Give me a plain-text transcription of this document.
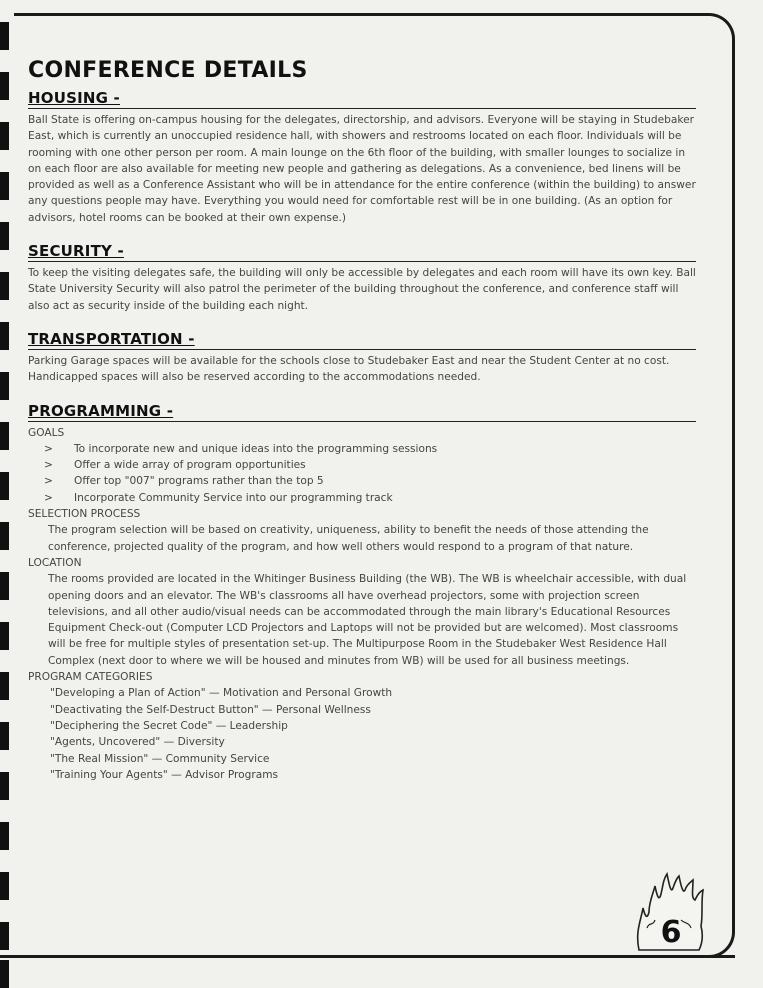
CONFERENCE DETAILS
HOUSING -

Ball State is offering on-campus housing for the delegates, directorship, and advisors. Everyone will be staying in Studebaker East, which is currently an unoccupied residence hall, with showers and restrooms located on each floor. Individuals will be rooming with one other person per room. A main lounge on the 6th floor of the building, with smaller lounges to socialize in on each floor are also available for meeting new people and gathering as delegations. As a convenience, bed linens will be provided as well as a Conference Assistant who will be in attendance for the entire conference (within the building) to answer any questions people may have. Everything you would need for comfortable rest will be in one building. (As an option for advisors, hotel rooms can be booked at their own expense.)

SECURITY -

To keep the visiting delegates safe, the building will only be accessible by delegates and each room will have its own key. Ball State University Security will also patrol the perimeter of the building throughout the conference, and conference staff will also act as security inside of the building each night.

TRANSPORTATION -

Parking Garage spaces will be available for the schools close to Studebaker East and near the Student Center at no cost. Handicapped spaces will also be reserved according to the accommodations needed.

PROGRAMMING -
GOALS
>	To incorporate new and unique ideas into the programming sessions
>	Offer a wide array of program opportunities
>	Offer top "007" programs rather than the top 5
>	Incorporate Community Service into our programming track
SELECTION PROCESS

The program selection will be based on creativity, uniqueness, ability to benefit the needs of those attending the conference, projected quality of the program, and how well others would respond to a program of that nature.

LOCATION

The rooms provided are located in the Whitinger Business Building (the WB). The WB is wheelchair accessible, with dual opening doors and an elevator. The WB's classrooms all have overhead projectors, some with projection screen televisions, and all other audio/visual needs can be accommodated through the main library's Educational Resources Equipment Check-out (Computer LCD Projectors and Laptops will not be provided but are welcomed). Most classrooms will be free for multiple styles of presentation set-up. The Multipurpose Room in the Studebaker West Residence Hall Complex (next door to where we will be housed and minutes from WB) will be used for all business meetings.

PROGRAM CATEGORIES
"Developing a Plan of Action" — Motivation and Personal Growth
"Deactivating the Self-Destruct Button" — Personal Wellness
"Deciphering the Secret Code" — Leadership
"Agents, Uncovered" — Diversity
"The Real Mission" — Community Service
"Training Your Agents" — Advisor Programs
6
